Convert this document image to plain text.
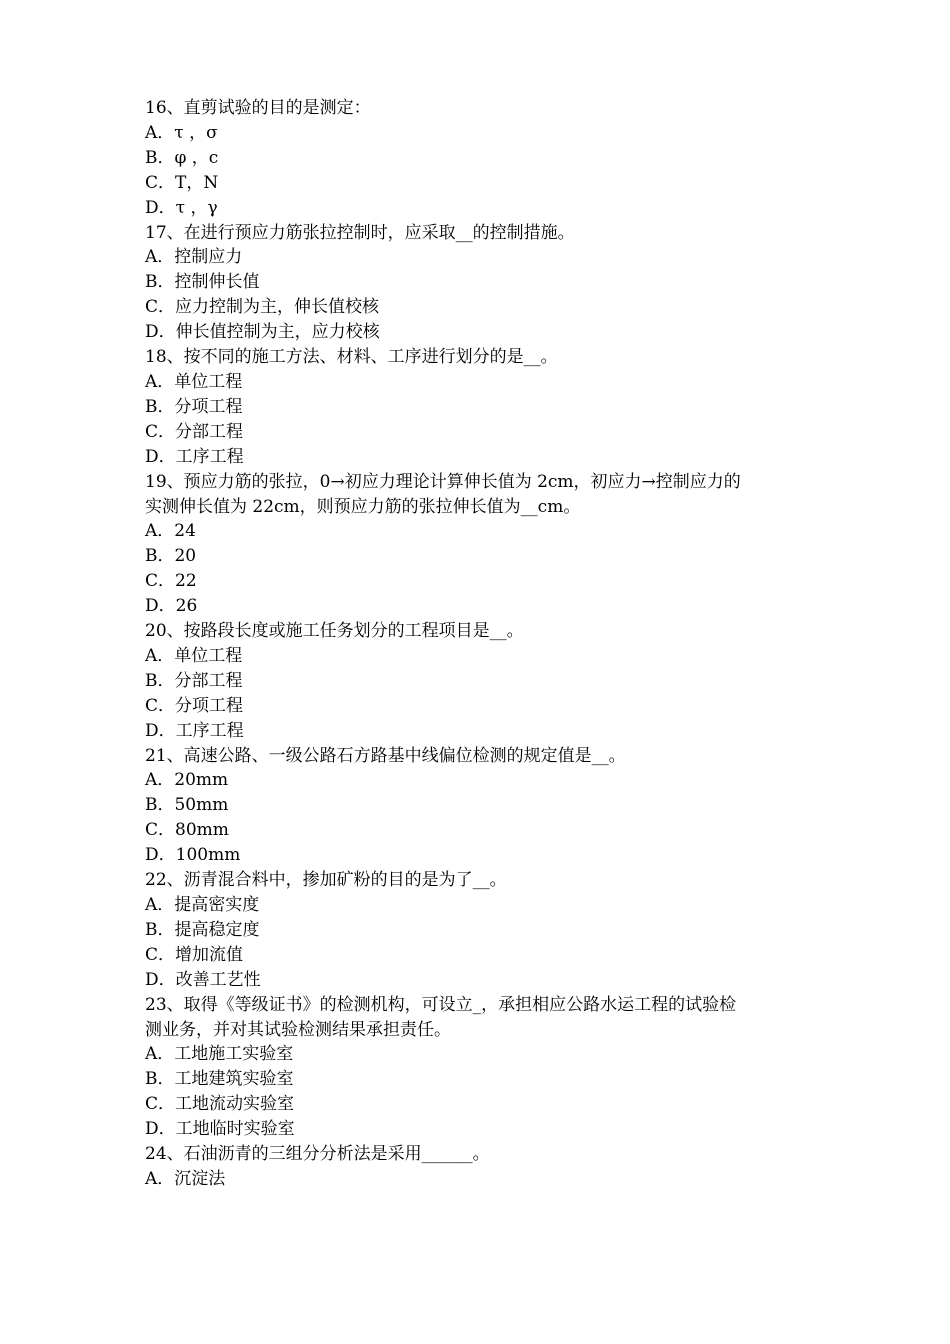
16、直剪试验的目的是测定：
A．τ ，σ
B．φ ，c
C．T，N
D．τ ，γ
17、在进行预应力筋张拉控制时，应采取__的控制措施。
A．控制应力
B．控制伸长值
C．应力控制为主，伸长值校核
D．伸长值控制为主，应力校核
18、按不同的施工方法、材料、工序进行划分的是__。
A．单位工程
B．分项工程
C．分部工程
D．工序工程
19、预应力筋的张拉，0→初应力理论计算伸长值为 2cm，初应力→控制应力的
实测伸长值为 22cm，则预应力筋的张拉伸长值为__cm。
A．24
B．20
C．22
D．26
20、按路段长度或施工任务划分的工程项目是__。
A．单位工程
B．分部工程
C．分项工程
D．工序工程
21、高速公路、一级公路石方路基中线偏位检测的规定值是__。
A．20mm
B．50mm
C．80mm
D．100mm
22、沥青混合料中，掺加矿粉的目的是为了__。
A．提高密实度
B．提高稳定度
C．增加流值
D．改善工艺性
23、取得《等级证书》的检测机构，可设立_，承担相应公路水运工程的试验检
测业务，并对其试验检测结果承担责任。
A．工地施工实验室
B．工地建筑实验室
C．工地流动实验室
D．工地临时实验室
24、石油沥青的三组分分析法是采用______。
A．沉淀法
